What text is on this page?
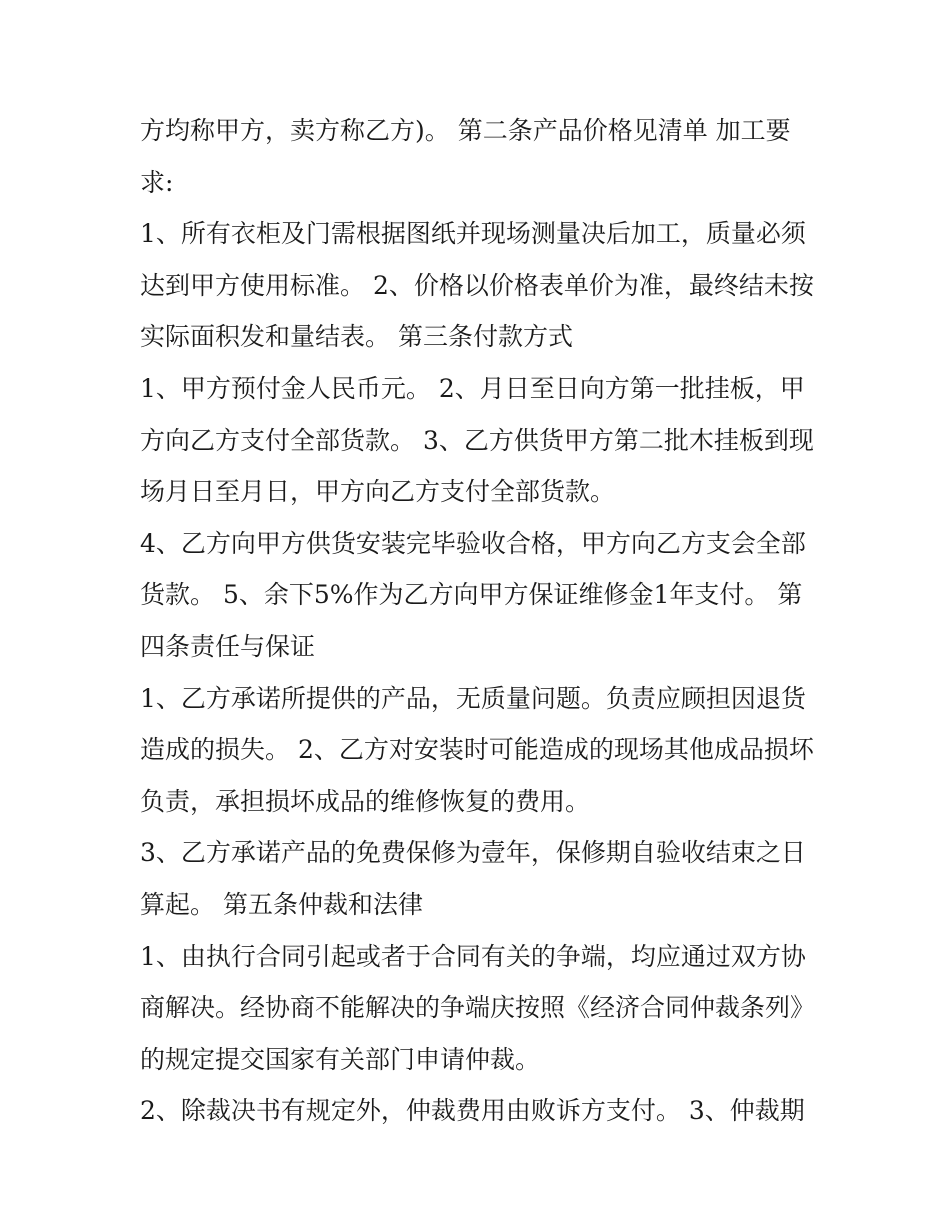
方均称甲方，卖方称乙方)。 第二条产品价格见清单 加工要
求:
1、所有衣柜及门需根据图纸并现场测量决后加工，质量必须
达到甲方使用标准。 2、价格以价格表单价为准，最终结未按
实际面积发和量结表。 第三条付款方式
1、甲方预付金人民币元。 2、月日至日向方第一批挂板，甲
方向乙方支付全部货款。 3、乙方供货甲方第二批木挂板到现
场月日至月日，甲方向乙方支付全部货款。
4、乙方向甲方供货安装完毕验收合格，甲方向乙方支会全部
货款。 5、余下5%作为乙方向甲方保证维修金1年支付。 第
四条责任与保证
1、乙方承诺所提供的产品，无质量问题。负责应顾担因退货
造成的损失。 2、乙方对安装时可能造成的现场其他成品损坏
负责，承担损坏成品的维修恢复的费用。
3、乙方承诺产品的免费保修为壹年，保修期自验收结束之日
算起。 第五条仲裁和法律
1、由执行合同引起或者于合同有关的争端，均应通过双方协
商解决。经协商不能解决的争端庆按照《经济合同仲裁条列》
的规定提交国家有关部门申请仲裁。
2、除裁决书有规定外，仲裁费用由败诉方支付。 3、仲裁期
